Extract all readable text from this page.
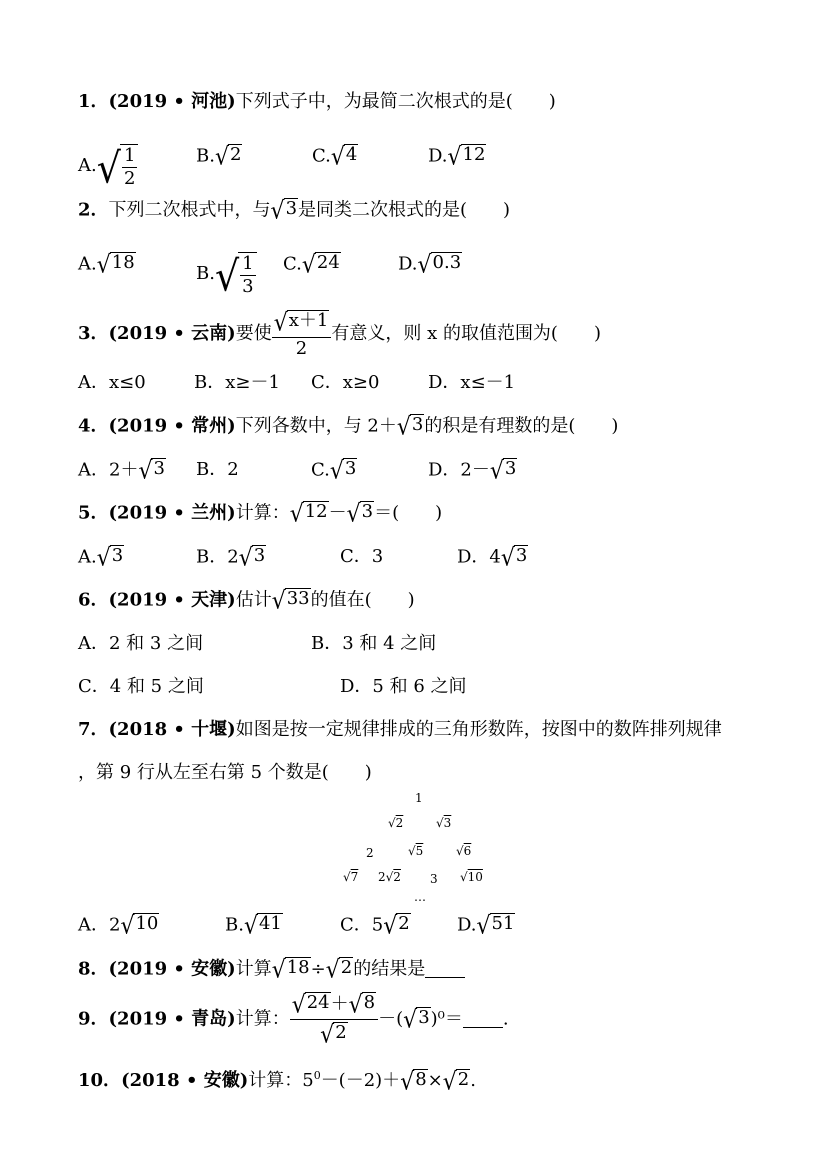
1．(2019 • 河池)下列式子中，为最简二次根式的是(　　)
$A.√ \frac{1}{2}$	B.√2	C.√4	D.√12
2．下列二次根式中，与√3是同类二次根式的是(　　)
A.√18
$B.√ \frac{1}{3} C.√24$	D.√0.3
3．(2019 • 云南)要使 $\frac{√x+1}{2}$ 有意义，则 x 的取值范围为(　　)
A．x≤0	B．x≥－1 C．x≥0	D．x≤－1
4．(2019 • 常州)下列各数中，与 2＋√3的积是有理数的是(　　)
A．2＋√3 B．2	C.√3	D．2－√3
5．(2019 • 兰州)计算：√12－√3＝(　　)
A.√3	B．2√3	C．3	D．4√3
6．(2019 • 天津)估计√33的值在(　　)
A．2 和 3 之间	B．3 和 4 之间
C．4 和 5 之间	D．5 和 6 之间
7．(2018 • 十堰)如图是按一定规律排成的三角形数阵，按图中的数阵排列规律
，第 9 行从左至右第 5 个数是(　　)
1
√2	√3
2	√5	√6
√7 2√2 3 √10
…
A．2√10	B.√41	C．5√2	D.√51
8．(2019 • 安徽)计算√18÷√2的结果是
9．(2019 • 青岛)计算： $\frac{√24+√8}{√2} -(√3)^0=$ .
10．(2018 • 安徽)计算：$5^0-(-2)+√8\times√2$.
